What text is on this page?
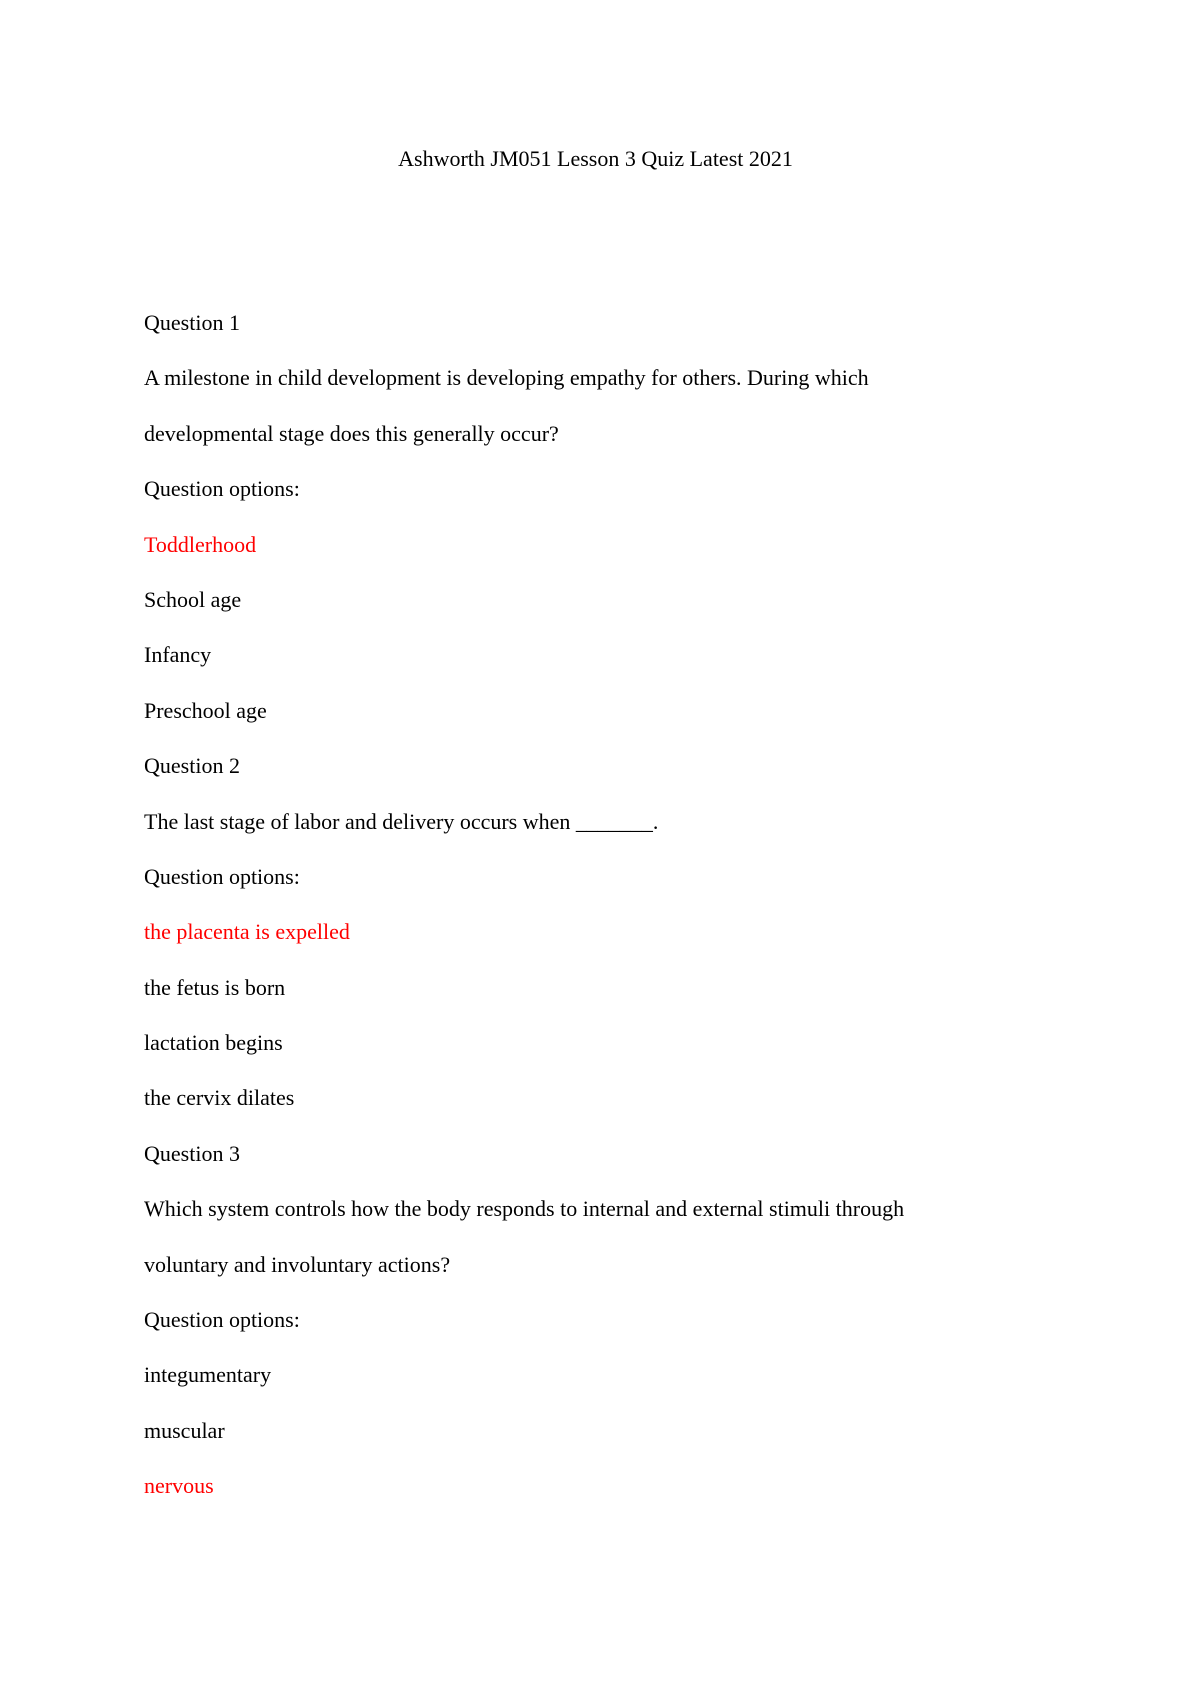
Ashworth JM051 Lesson 3 Quiz Latest 2021
Question 1
A milestone in child development is developing empathy for others. During which
developmental stage does this generally occur?
Question options:
Toddlerhood
School age
Infancy
Preschool age
Question 2
The last stage of labor and delivery occurs when _______.
Question options:
the placenta is expelled
the fetus is born
lactation begins
the cervix dilates
Question 3
Which system controls how the body responds to internal and external stimuli through
voluntary and involuntary actions?
Question options:
integumentary
muscular
nervous
